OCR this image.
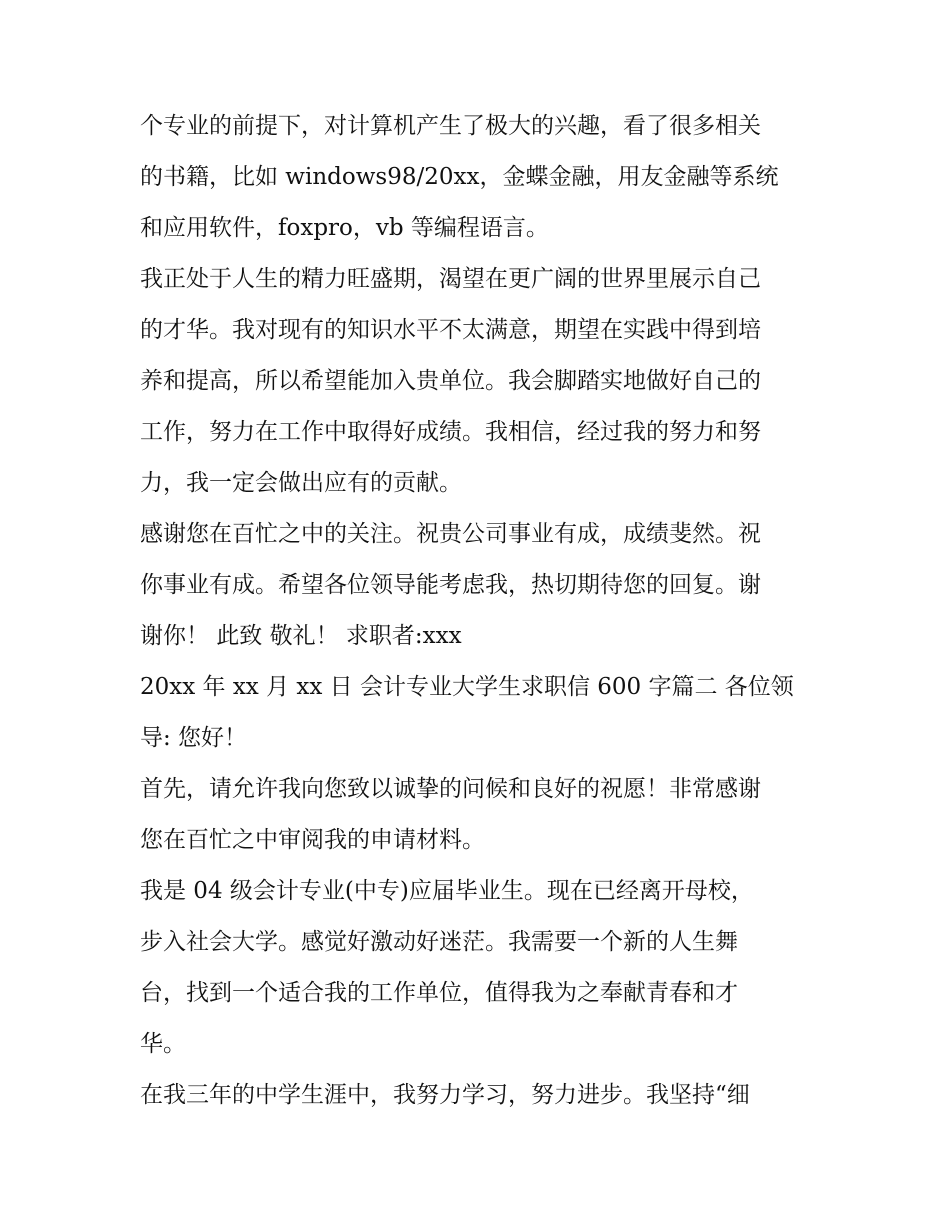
个专业的前提下，对计算机产生了极大的兴趣，看了很多相关
的书籍，比如 windows98/20xx，金蝶金融，用友金融等系统
和应用软件，foxpro，vb 等编程语言。
我正处于人生的精力旺盛期，渴望在更广阔的世界里展示自己
的才华。我对现有的知识水平不太满意，期望在实践中得到培
养和提高，所以希望能加入贵单位。我会脚踏实地做好自己的
工作，努力在工作中取得好成绩。我相信，经过我的努力和努
力，我一定会做出应有的贡献。
感谢您在百忙之中的关注。祝贵公司事业有成，成绩斐然。祝
你事业有成。希望各位领导能考虑我，热切期待您的回复。谢
谢你！ 此致 敬礼！ 求职者:xxx
20xx 年 xx 月 xx 日 会计专业大学生求职信 600 字篇二 各位领
导: 您好！
首先，请允许我向您致以诚挚的问候和良好的祝愿！非常感谢
您在百忙之中审阅我的申请材料。
我是 04 级会计专业(中专)应届毕业生。现在已经离开母校，
步入社会大学。感觉好激动好迷茫。我需要一个新的人生舞
台，找到一个适合我的工作单位，值得我为之奉献青春和才
华。
在我三年的中学生涯中，我努力学习，努力进步。我坚持“细
